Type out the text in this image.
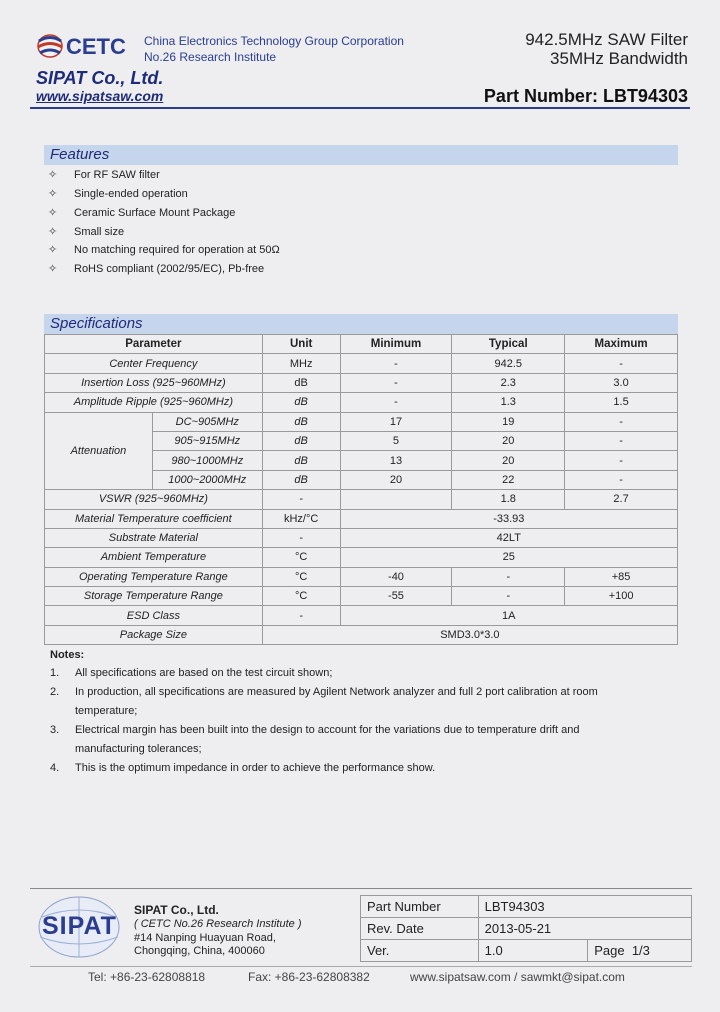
CETC China Electronics Technology Group Corporation
No.26 Research Institute
SIPAT Co., Ltd.
www.sipatsaw.com
942.5MHz SAW Filter
35MHz Bandwidth
Part Number: LBT94303
Features
✧ For RF SAW filter
✧ Single-ended operation
✧ Ceramic Surface Mount Package
✧ Small size
✧ No matching required for operation at 50Ω
✧ RoHS compliant (2002/95/EC), Pb-free
Specifications
Parameter		Unit	Minimum	Typical	Maximum
Center Frequency		MHz	-	942.5	-
Insertion Loss (925~960MHz)		dB	-	2.3	3.0
Amplitude Ripple (925~960MHz)		dB	-	1.3	1.5
Attenuation	DC~905MHz	dB	17	19	-
	905~915MHz	dB	5	20	-
	980~1000MHz	dB	13	20	-
	1000~2000MHz	dB	20	22	-
VSWR (925~960MHz)		-		1.8	2.7
Material Temperature coefficient		kHz/°C	-33.93		
Substrate Material		-	42LT		
Ambient Temperature		°C	25		
Operating Temperature Range		°C	-40	-	+85
Storage Temperature Range		°C	-55	-	+100
ESD Class		-	1A		
Package Size		SMD3.0*3.0			
Notes:
1. All specifications are based on the test circuit shown;
2. In production, all specifications are measured by Agilent Network analyzer and full 2 port calibration at room
temperature;
3. Electrical margin has been built into the design to account for the variations due to temperature drift and
manufacturing tolerances;
4. This is the optimum impedance in order to achieve the performance show.
SIPAT
SIPAT Co., Ltd.
( CETC No.26 Research Institute )
#14 Nanping Huayuan Road,
Chongqing, China, 400060
Part Number	LBT94303	
Rev. Date	2013-05-21	
Ver.	1.0	Page 1/3
Tel: +86-23-62808818	Fax: +86-23-62808382	www.sipatsaw.com / sawmkt@sipat.com
